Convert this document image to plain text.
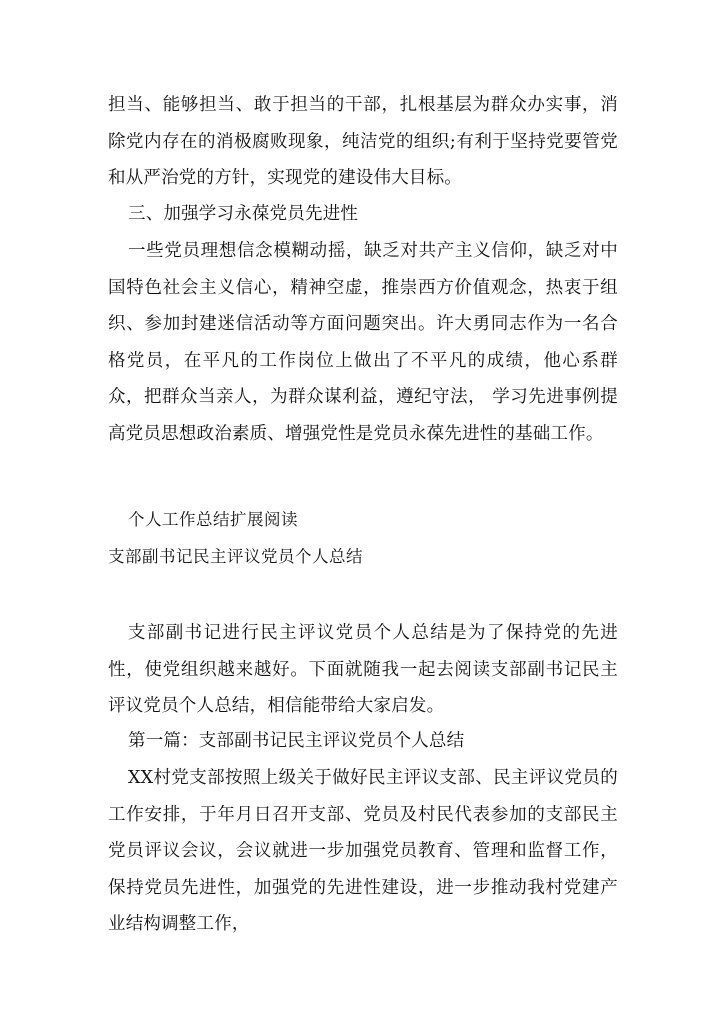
担当、能够担当、敢于担当的干部，扎根基层为群众办实事，消除党内存在的消极腐败现象，纯洁党的组织;有利于坚持党要管党和从严治党的方针，实现党的建设伟大目标。

三、加强学习永葆党员先进性

一些党员理想信念模糊动摇，缺乏对共产主义信仰，缺乏对中国特色社会主义信心，精神空虚，推崇西方价值观念，热衷于组织、参加封建迷信活动等方面问题突出。许大勇同志作为一名合格党员，在平凡的工作岗位上做出了不平凡的成绩，他心系群众，把群众当亲人，为群众谋利益，遵纪守法， 学习先进事例提高党员思想政治素质、增强党性是党员永葆先进性的基础工作。

个人工作总结扩展阅读

支部副书记民主评议党员个人总结

支部副书记进行民主评议党员个人总结是为了保持党的先进性，使党组织越来越好。下面就随我一起去阅读支部副书记民主评议党员个人总结，相信能带给大家启发。

第一篇：支部副书记民主评议党员个人总结

XX村党支部按照上级关于做好民主评议支部、民主评议党员的工作安排，于年月日召开支部、党员及村民代表参加的支部民主党员评议会议，会议就进一步加强党员教育、管理和监督工作，保持党员先进性，加强党的先进性建设，进一步推动我村党建产业结构调整工作，
